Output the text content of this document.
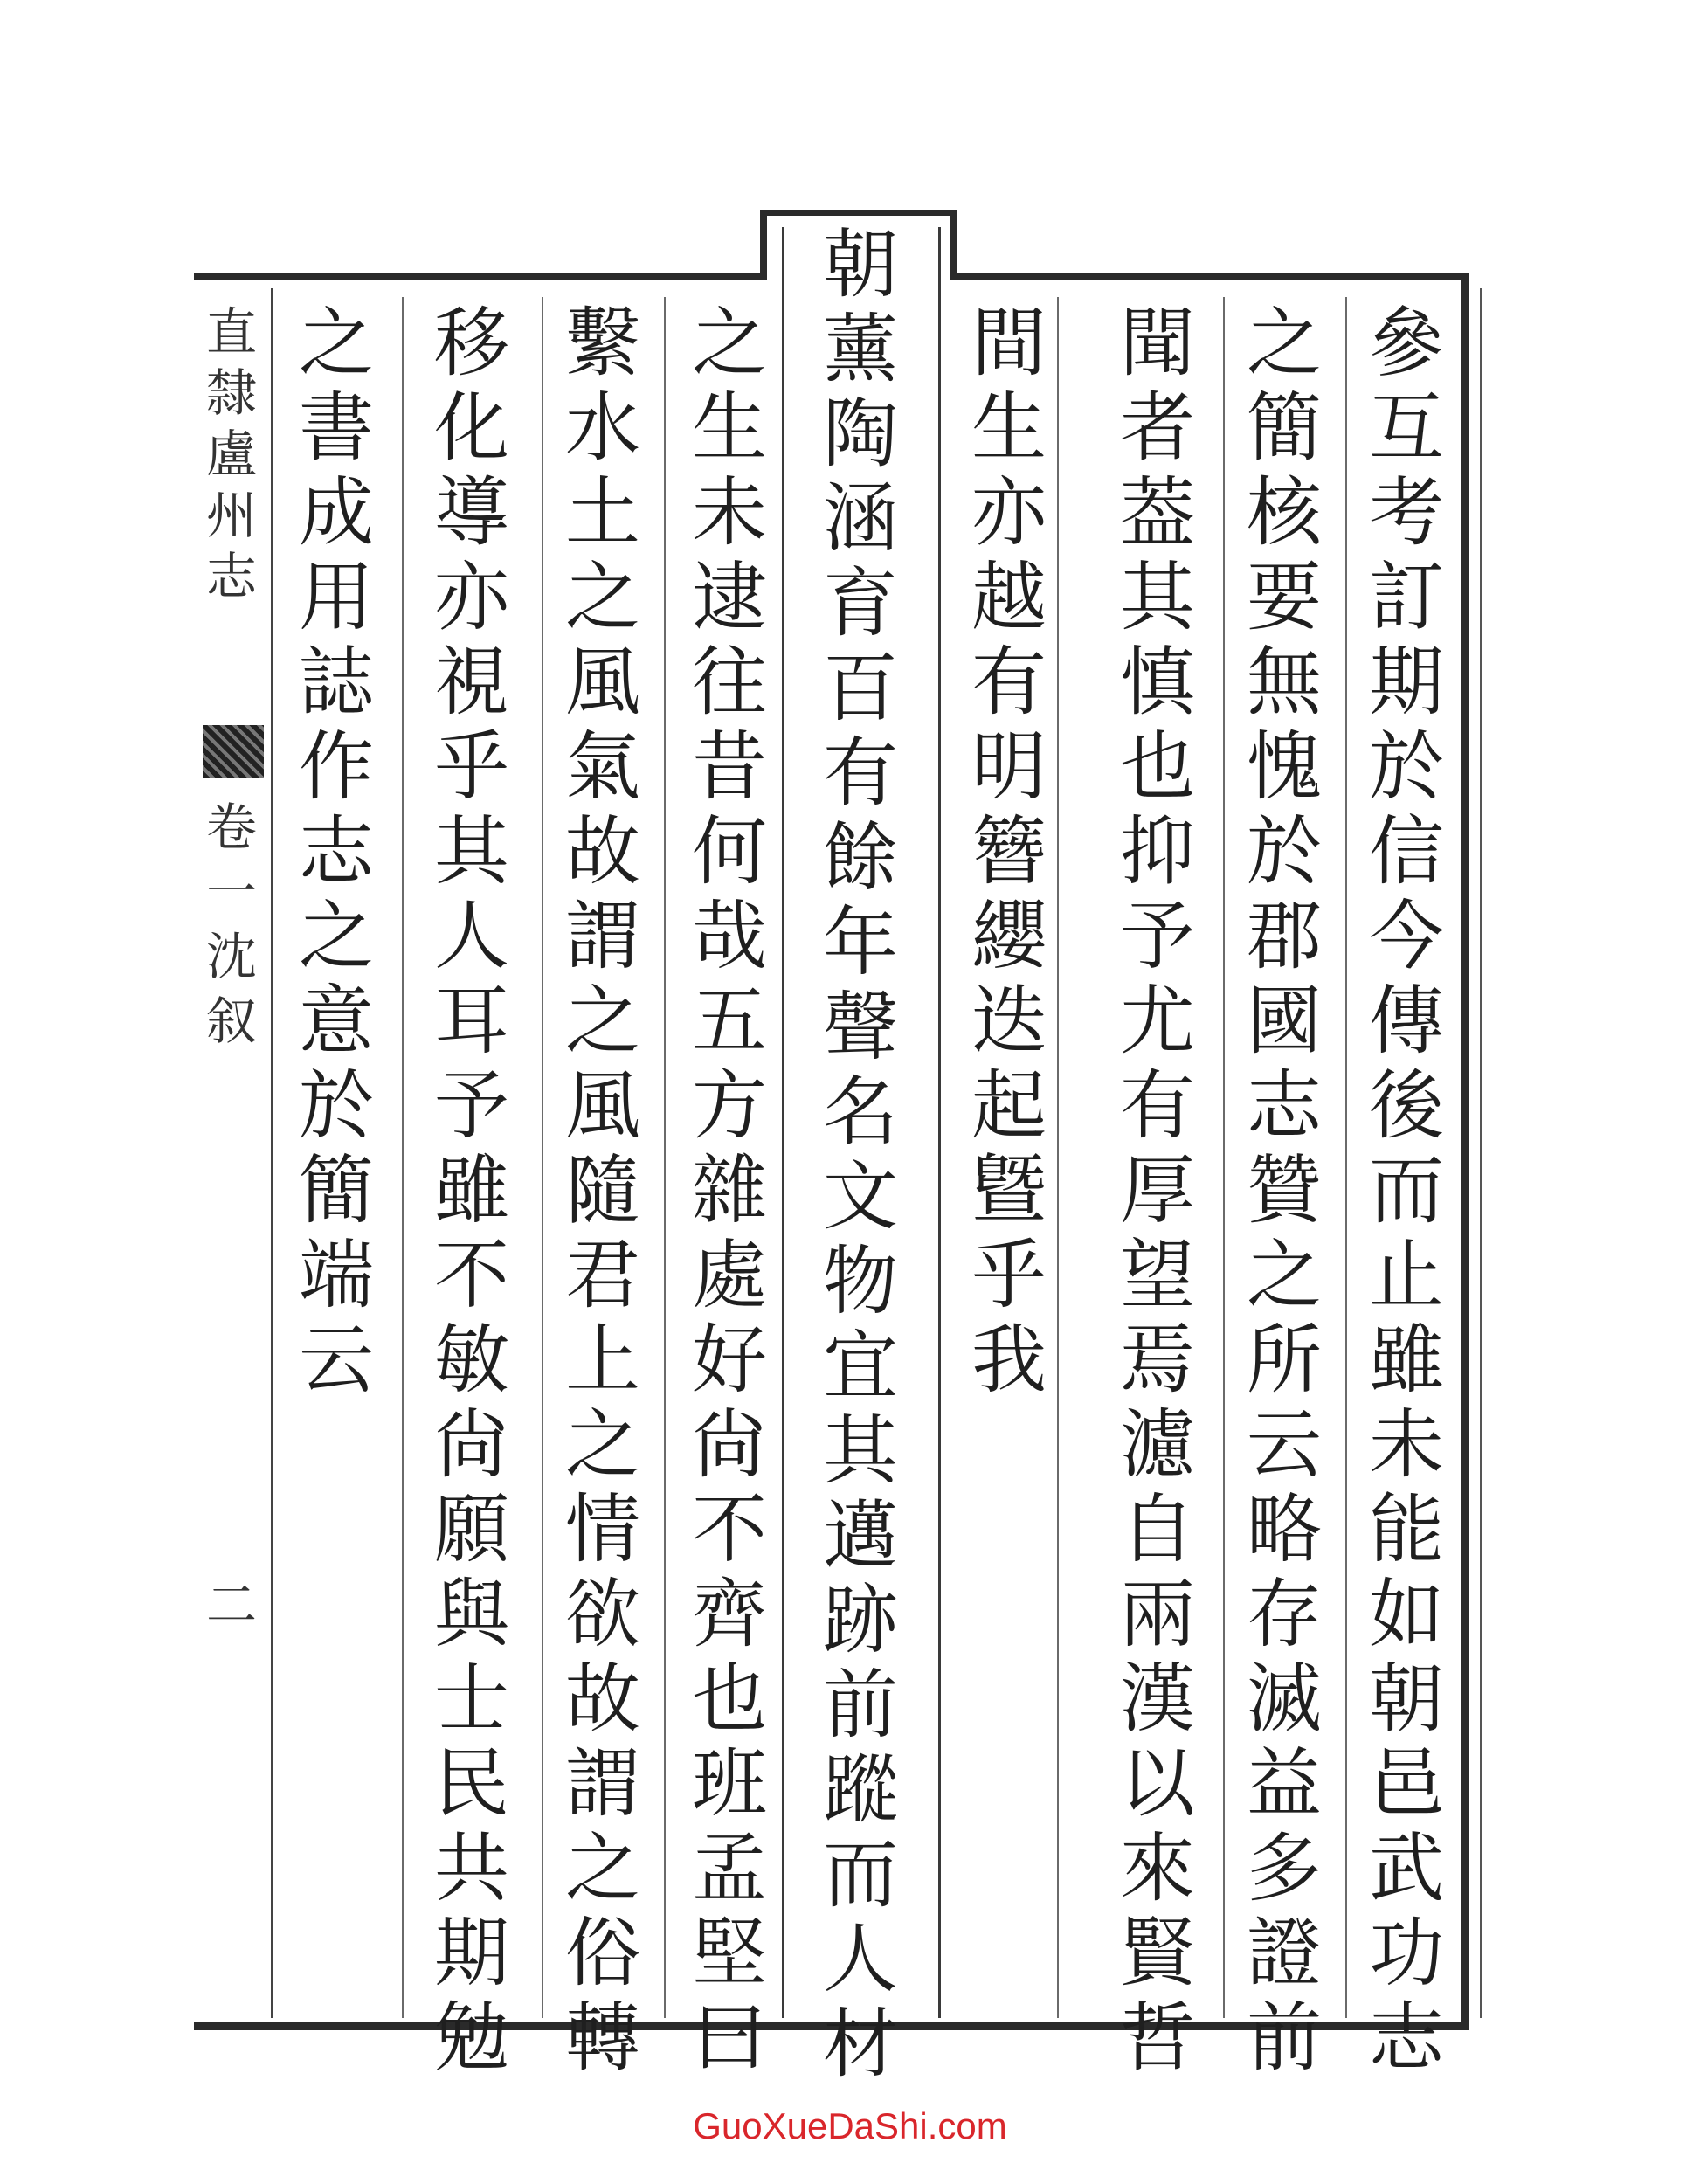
直隸盧州志
卷一沈叙
二
參互考訂期於信今傳後而止雖未能如朝邑武功志
之簡核要無愧於郡國志贊之所云略存滅益多證前
聞者葢其慎也抑予尤有厚望焉濾自兩漢以來賢哲
間生亦越有明簪纓迭起曁乎我
朝薰陶涵育百有餘年聲名文物宜其邁跡前蹤而人材
之生未逮往昔何哉五方雜處好尙不齊也班孟堅曰
繫水土之風氣故謂之風隨君上之情欲故謂之俗轉
移化導亦視乎其人耳予雖不敏尙願與士民共期勉
之書成用誌作志之意於簡端云
GuoXueDaShi.com
